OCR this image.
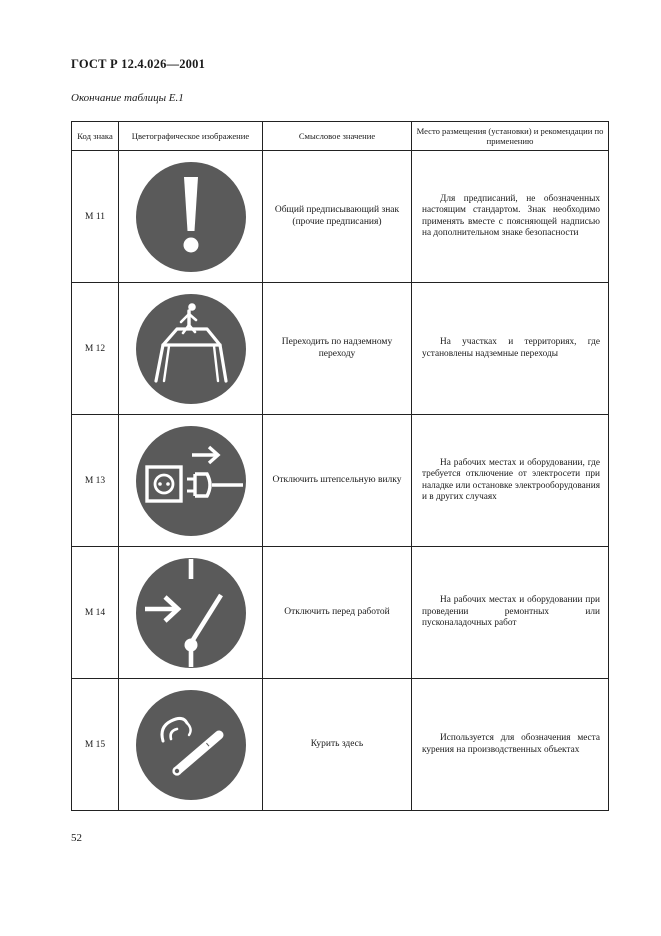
ГОСТ Р 12.4.026—2001
Окончание таблицы Е.1
Код знака	Цветографическое изображение	Смысловое значение	Место размещения (установки) и рекомендации по применению
М 11		Общий предписывающий знак (прочие предписания)	Для предписаний, не обозначенных настоящим стандартом. Знак необходимо применять вместе с поясняющей надписью на дополнительном знаке безопасности

М 12		Переходить по надземному переходу	На участках и территориях, где установлены надземные переходы

М 13		Отключить штепсельную вилку	На рабочих местах и оборудовании, где требуется отключение от электросети при наладке или остановке электрооборудования и в других случаях

М 14		Отключить перед работой	На рабочих местах и оборудовании при проведении ремонтных или пусконаладочных работ

М 15		Курить здесь	Используется для обозначения места курения на производственных объектах
52
